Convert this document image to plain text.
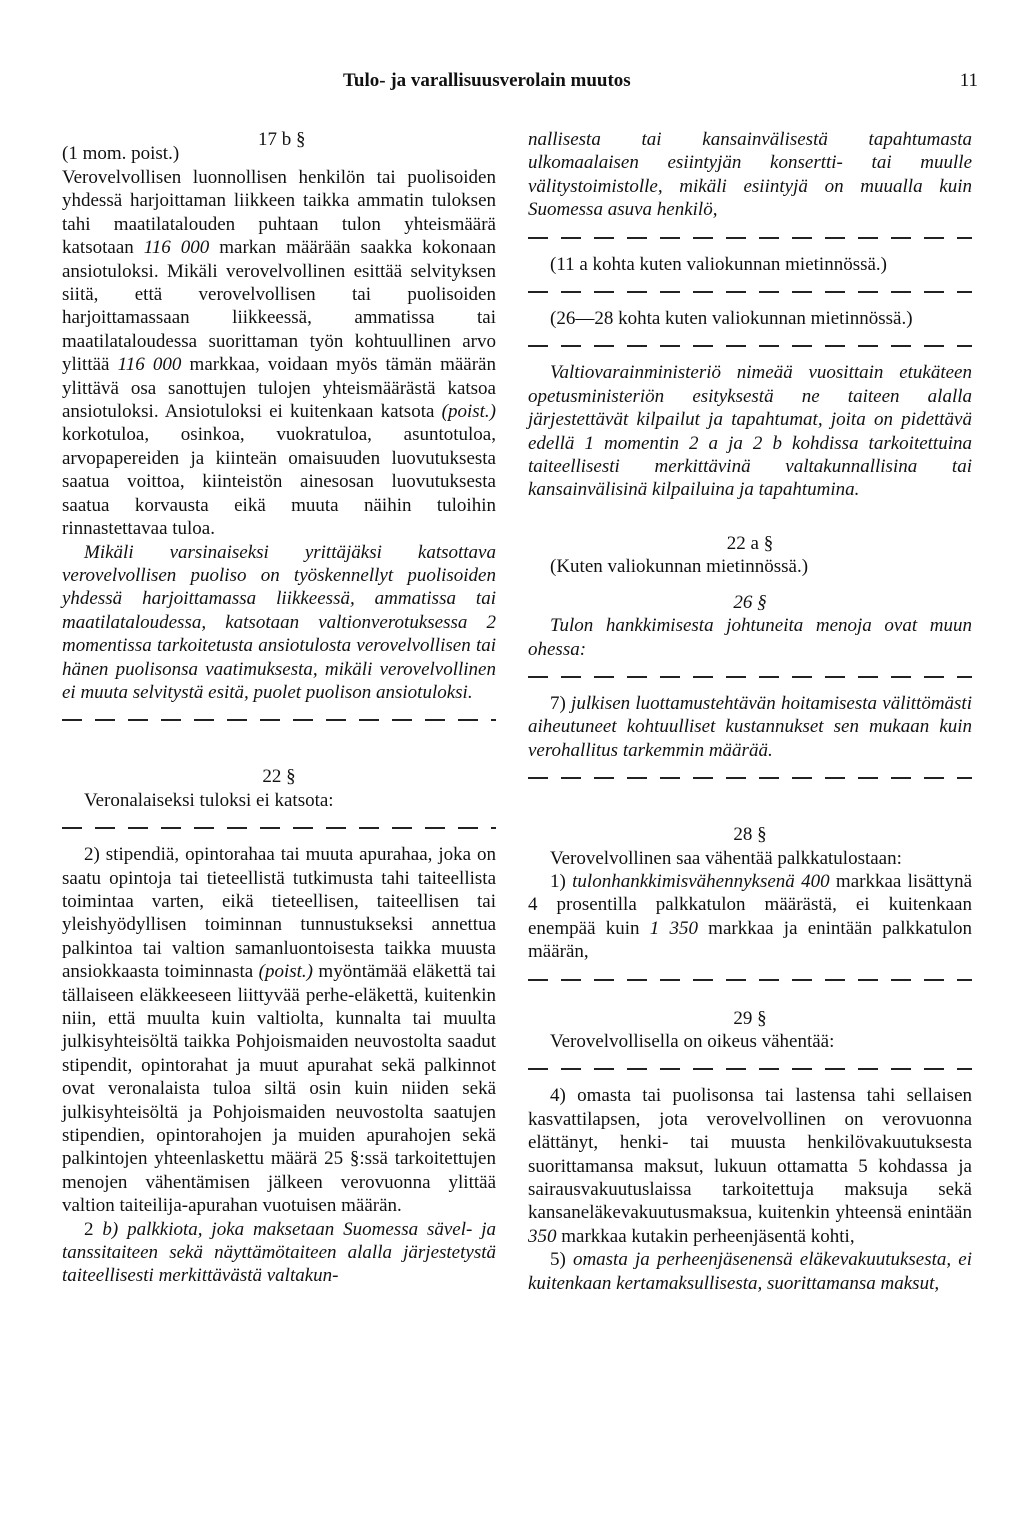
Tulo- ja varallisuusverolain muutos	11
(1 mom. poist.)
17 b §

Verovelvollisen luonnollisen henkilön tai puolisoiden yhdessä harjoittaman liikkeen taikka ammatin tuloksen tahi maatilatalouden puhtaan tulon yhteismäärä katsotaan 116 000 markan määrään saakka kokonaan ansiotuloksi. Mikäli verovelvollinen esittää selvityksen siitä, että verovelvollisen tai puolisoiden harjoittamassaan liikkeessä, ammatissa tai maatilataloudessa suorittaman työn kohtuullinen arvo ylittää 116 000 markkaa, voidaan myös tämän määrän ylittävä osa sanottujen tulojen yhteismäärästä katsoa ansiotuloksi. Ansiotuloksi ei kuitenkaan katsota (poist.) korkotuloa, osinkoa, vuokratuloa, asuntotuloa, arvopapereiden ja kiinteän omaisuuden luovutuksesta saatua voittoa, kiinteistön ainesosan luovutuksesta saatua korvausta eikä muuta näihin tuloihin rinnastettavaa tuloa.

Mikäli varsinaiseksi yrittäjäksi katsottava verovelvollisen puoliso on työskennellyt puolisoiden yhdessä harjoittamassa liikkeessä, ammatissa tai maatilataloudessa, katsotaan valtionverotuksessa 2 momentissa tarkoitetusta ansiotulosta verovelvollisen tai hänen puolisonsa vaatimuksesta, mikäli verovelvollinen ei muuta selvitystä esitä, puolet puolison ansiotuloksi.

22 §

Veronalaiseksi tuloksi ei katsota:

2) stipendiä, opintorahaa tai muuta apurahaa, joka on saatu opintoja tai tieteellistä tutkimusta tahi taiteellista toimintaa varten, eikä tieteellisen, taiteellisen tai yleishyödyllisen toiminnan tunnustukseksi annettua palkintoa tai valtion samanluontoisesta taikka muusta ansiokkaasta toiminnasta (poist.) myöntämää eläkettä tai tällaiseen eläkkeeseen liittyvää perhe-eläkettä, kuitenkin niin, että muulta kuin valtiolta, kunnalta tai muulta julkisyhteisöltä taikka Pohjoismaiden neuvostolta saadut stipendit, opintorahat ja muut apurahat sekä palkinnot ovat veronalaista tuloa siltä osin kuin niiden sekä julkisyhteisöltä ja Pohjoismaiden neuvostolta saatujen stipendien, opintorahojen ja muiden apurahojen sekä palkintojen yhteenlaskettu määrä 25 §:ssä tarkoitettujen menojen vähentämisen jälkeen verovuonna ylittää valtion taiteilija-apurahan vuotuisen määrän.

2 b) palkkiota, joka maksetaan Suomessa sävel- ja tanssitaiteen sekä näyttämötaiteen alalla järjestetystä taiteellisesti merkittävästä valtakun-

nallisesta tai kansainvälisestä tapahtumasta ulkomaalaisen esiintyjän konsertti- tai muulle välitystoimistolle, mikäli esiintyjä on muualla kuin Suomessa asuva henkilö,

(11 a kohta kuten valiokunnan mietinnössä.)

(26—28 kohta kuten valiokunnan mietinnössä.)

Valtiovarainministeriö nimeää vuosittain etukäteen opetusministeriön esityksestä ne taiteen alalla järjestettävät kilpailut ja tapahtumat, joita on pidettävä edellä 1 momentin 2 a ja 2 b kohdissa tarkoitettuina taiteellisesti merkittävinä valtakunnallisina tai kansainvälisinä kilpailuina ja tapahtumina.

22 a §

(Kuten valiokunnan mietinnössä.)

26 §

Tulon hankkimisesta johtuneita menoja ovat muun ohessa:

7) julkisen luottamustehtävän hoitamisesta välittömästi aiheutuneet kohtuulliset kustannukset sen mukaan kuin verohallitus tarkemmin määrää.

28 §

Verovelvollinen saa vähentää palkkatulostaan:

1) tulonhankkimisvähennyksenä 400 markkaa lisättynä 4 prosentilla palkkatulon määrästä, ei kuitenkaan enempää kuin 1 350 markkaa ja enintään palkkatulon määrän,

29 §

Verovelvollisella on oikeus vähentää:

4) omasta tai puolisonsa tai lastensa tahi sellaisen kasvattilapsen, jota verovelvollinen on verovuonna elättänyt, henki- tai muusta henkilövakuutuksesta suorittamansa maksut, lukuun ottamatta 5 kohdassa ja sairausvakuutuslaissa tarkoitettuja maksuja sekä kansaneläkevakuutusmaksua, kuitenkin yhteensä enintään 350 markkaa kutakin perheenjäsentä kohti,

5) omasta ja perheenjäsenensä eläkevakuutuksesta, ei kuitenkaan kertamaksullisesta, suorittamansa maksut,
